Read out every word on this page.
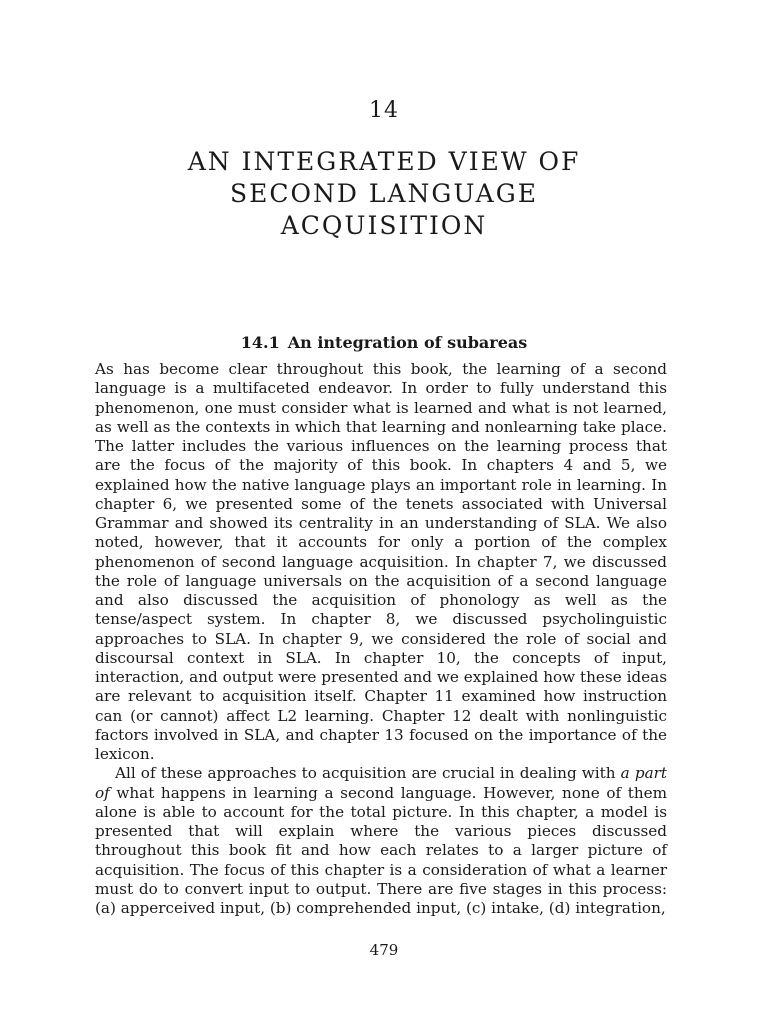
14
AN INTEGRATED VIEW OF
SECOND LANGUAGE
ACQUISITION
14.1 An integration of subareas

As has become clear throughout this book, the learning of a second language is a multifaceted endeavor. In order to fully understand this phenomenon, one must consider what is learned and what is not learned, as well as the contexts in which that learning and nonlearning take place. The latter includes the various influences on the learning process that are the focus of the majority of this book. In chapters 4 and 5, we explained how the native language plays an important role in learning. In chapter 6, we presented some of the tenets associated with Universal Grammar and showed its centrality in an understanding of SLA. We also noted, however, that it accounts for only a portion of the complex phenomenon of second language acquisition. In chapter 7, we discussed the role of language universals on the acquisition of a second language and also discussed the acquisition of phonology as well as the tense/aspect system. In chapter 8, we discussed psycholinguistic approaches to SLA. In chapter 9, we considered the role of social and discoursal context in SLA. In chapter 10, the concepts of input, interaction, and output were presented and we explained how these ideas are relevant to acquisition itself. Chapter 11 examined how instruction can (or cannot) affect L2 learning. Chapter 12 dealt with nonlinguistic factors involved in SLA, and chapter 13 focused on the importance of the lexicon.

All of these approaches to acquisition are crucial in dealing with a part of what happens in learning a second language. However, none of them alone is able to account for the total picture. In this chapter, a model is presented that will explain where the various pieces discussed throughout this book fit and how each relates to a larger picture of acquisition. The focus of this chapter is a consideration of what a learner must do to convert input to output. There are five stages in this process: (a) apperceived input, (b) comprehended input, (c) intake, (d) integration,

479
